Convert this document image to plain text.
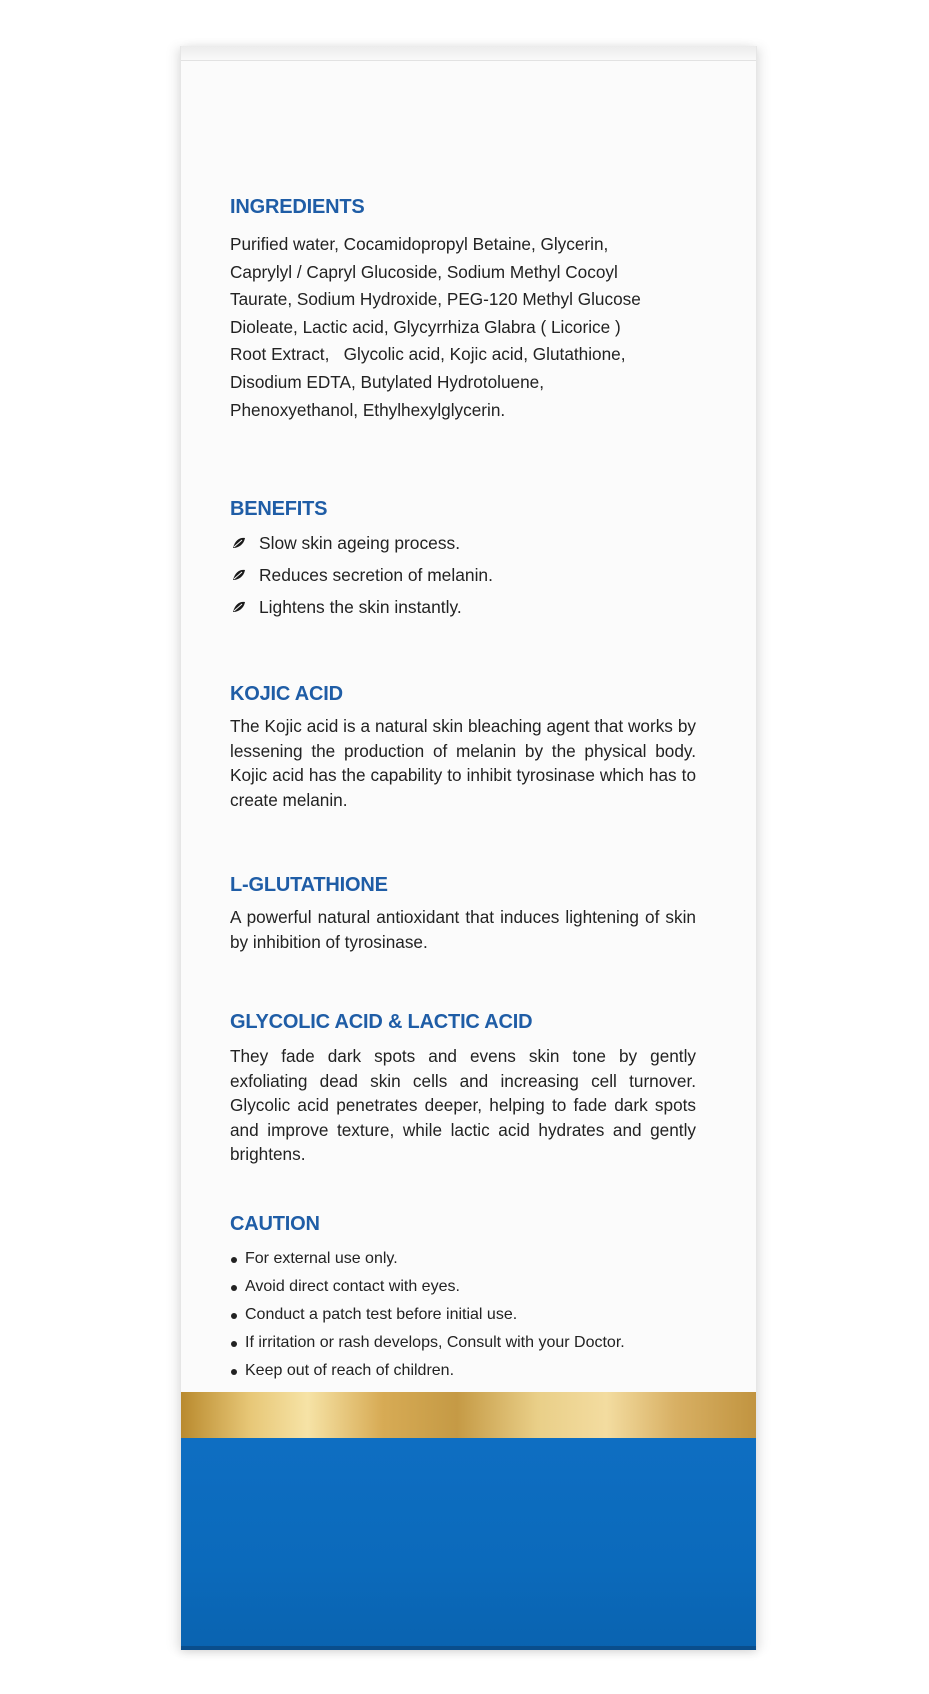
INGREDIENTS

Purified water, Cocamidopropyl Betaine, Glycerin,

Caprylyl / Capryl Glucoside, Sodium Methyl Cocoyl

Taurate, Sodium Hydroxide, PEG-120 Methyl Glucose

Dioleate, Lactic acid, Glycyrrhiza Glabra ( Licorice )

Root Extract,   Glycolic acid, Kojic acid, Glutathione,

Disodium EDTA, Butylated Hydrotoluene,

Phenoxyethanol, Ethylhexylglycerin.

BENEFITS
Slow skin ageing process.
Reduces secretion of melanin.
Lightens the skin instantly.
KOJIC ACID

The Kojic acid is a natural skin bleaching agent that works by lessening the production of melanin by the physical body. Kojic acid has the capability to inhibit tyrosinase which has to create melanin.

L-GLUTATHIONE

A powerful natural antioxidant that induces lightening of skin by inhibition of tyrosinase.

GLYCOLIC ACID & LACTIC ACID

They fade dark spots and evens skin tone by gently exfoliating dead skin cells and increasing cell turnover. Glycolic acid penetrates deeper, helping to fade dark spots and improve texture, while lactic acid hydrates and gently brightens.

CAUTION
For external use only.
Avoid direct contact with eyes.
Conduct a patch test before initial use.
If irritation or rash develops, Consult with your Doctor.
Keep out of reach of children.
